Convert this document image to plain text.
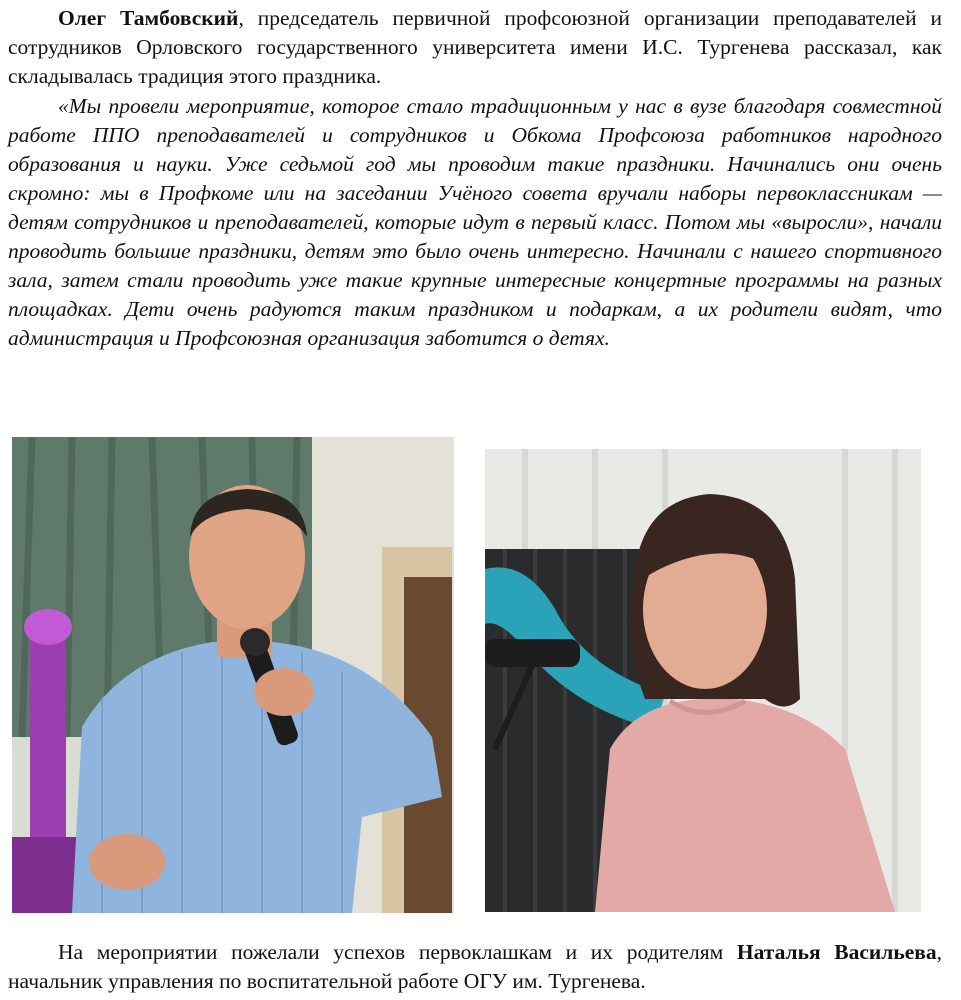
Олег Тамбовский, председатель первичной профсоюзной организации преподавателей и сотрудников Орловского государственного университета имени И.С. Тургенева рассказал, как складывалась традиция этого праздника.

«Мы провели мероприятие, которое стало традиционным у нас в вузе благодаря совместной работе ППО преподавателей и сотрудников и Обкома Профсоюза работников народного образования и науки. Уже седьмой год мы проводим такие праздники. Начинались они очень скромно: мы в Профкоме или на заседании Учёного совета вручали наборы первоклассникам — детям сотрудников и преподавателей, которые идут в первый класс. Потом мы «выросли», начали проводить большие праздники, детям это было очень интересно. Начинали с нашего спортивного зала, затем стали проводить уже такие крупные интересные концертные программы на разных площадках. Дети очень радуются таким праздником и подаркам, а их родители видят, что администрация и Профсоюзная организация заботится о детях.

На мероприятии пожелали успехов первоклашкам и их родителям Наталья Васильева, начальник управления по воспитательной работе ОГУ им. Тургенева.
